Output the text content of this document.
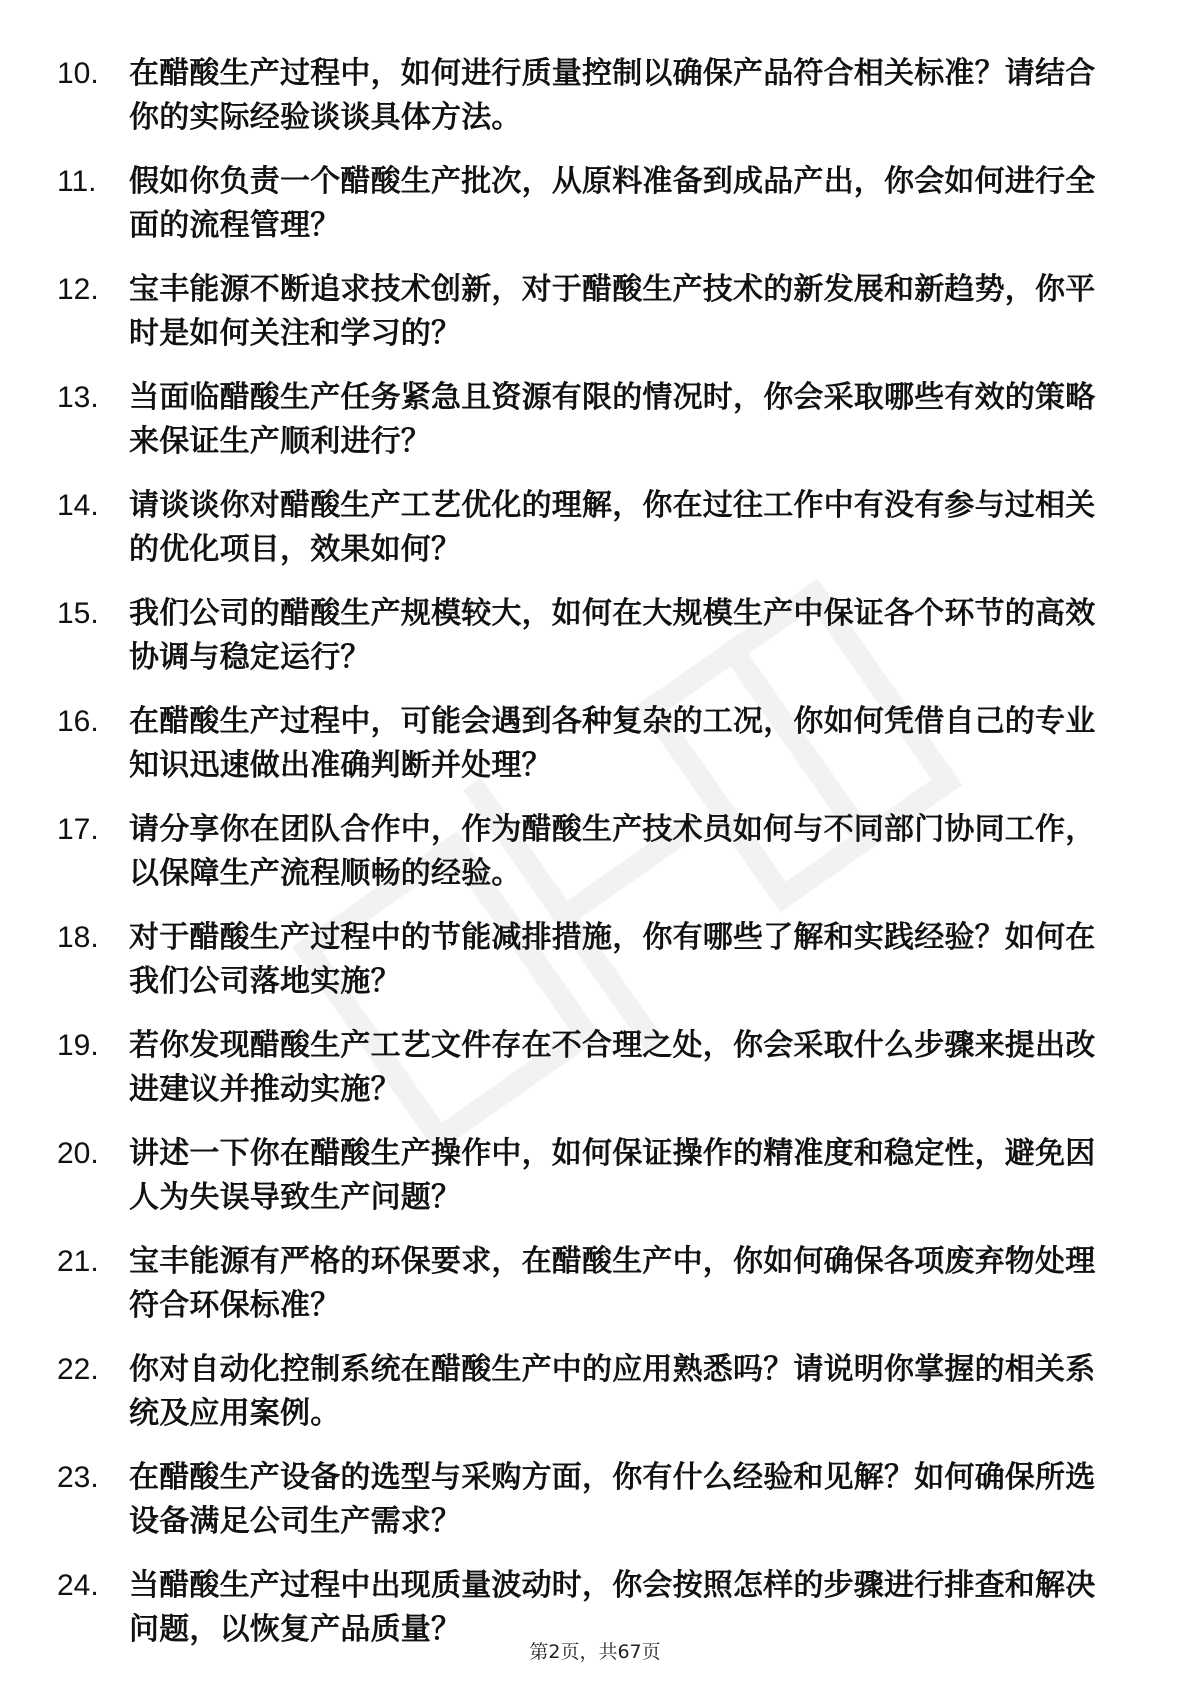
10.	在醋酸生产过程中，如何进行质量控制以确保产品符合相关标准？请结合你的实际经验谈谈具体方法。
11.	假如你负责一个醋酸生产批次，从原料准备到成品产出，你会如何进行全面的流程管理？
12.	宝丰能源不断追求技术创新，对于醋酸生产技术的新发展和新趋势，你平时是如何关注和学习的？
13.	当面临醋酸生产任务紧急且资源有限的情况时，你会采取哪些有效的策略来保证生产顺利进行？
14.	请谈谈你对醋酸生产工艺优化的理解，你在过往工作中有没有参与过相关的优化项目，效果如何？
15.	我们公司的醋酸生产规模较大，如何在大规模生产中保证各个环节的高效协调与稳定运行？
16.	在醋酸生产过程中，可能会遇到各种复杂的工况，你如何凭借自己的专业知识迅速做出准确判断并处理？
17.	请分享你在团队合作中，作为醋酸生产技术员如何与不同部门协同工作，以保障生产流程顺畅的经验。
18.	对于醋酸生产过程中的节能减排措施，你有哪些了解和实践经验？如何在我们公司落地实施？
19.	若你发现醋酸生产工艺文件存在不合理之处，你会采取什么步骤来提出改进建议并推动实施？
20.	讲述一下你在醋酸生产操作中，如何保证操作的精准度和稳定性，避免因人为失误导致生产问题？
21.	宝丰能源有严格的环保要求，在醋酸生产中，你如何确保各项废弃物处理符合环保标准？
22.	你对自动化控制系统在醋酸生产中的应用熟悉吗？请说明你掌握的相关系统及应用案例。
23.	在醋酸生产设备的选型与采购方面，你有什么经验和见解？如何确保所选设备满足公司生产需求？
24.	当醋酸生产过程中出现质量波动时，你会按照怎样的步骤进行排查和解决问题，以恢复产品质量？
第2页，共67页
